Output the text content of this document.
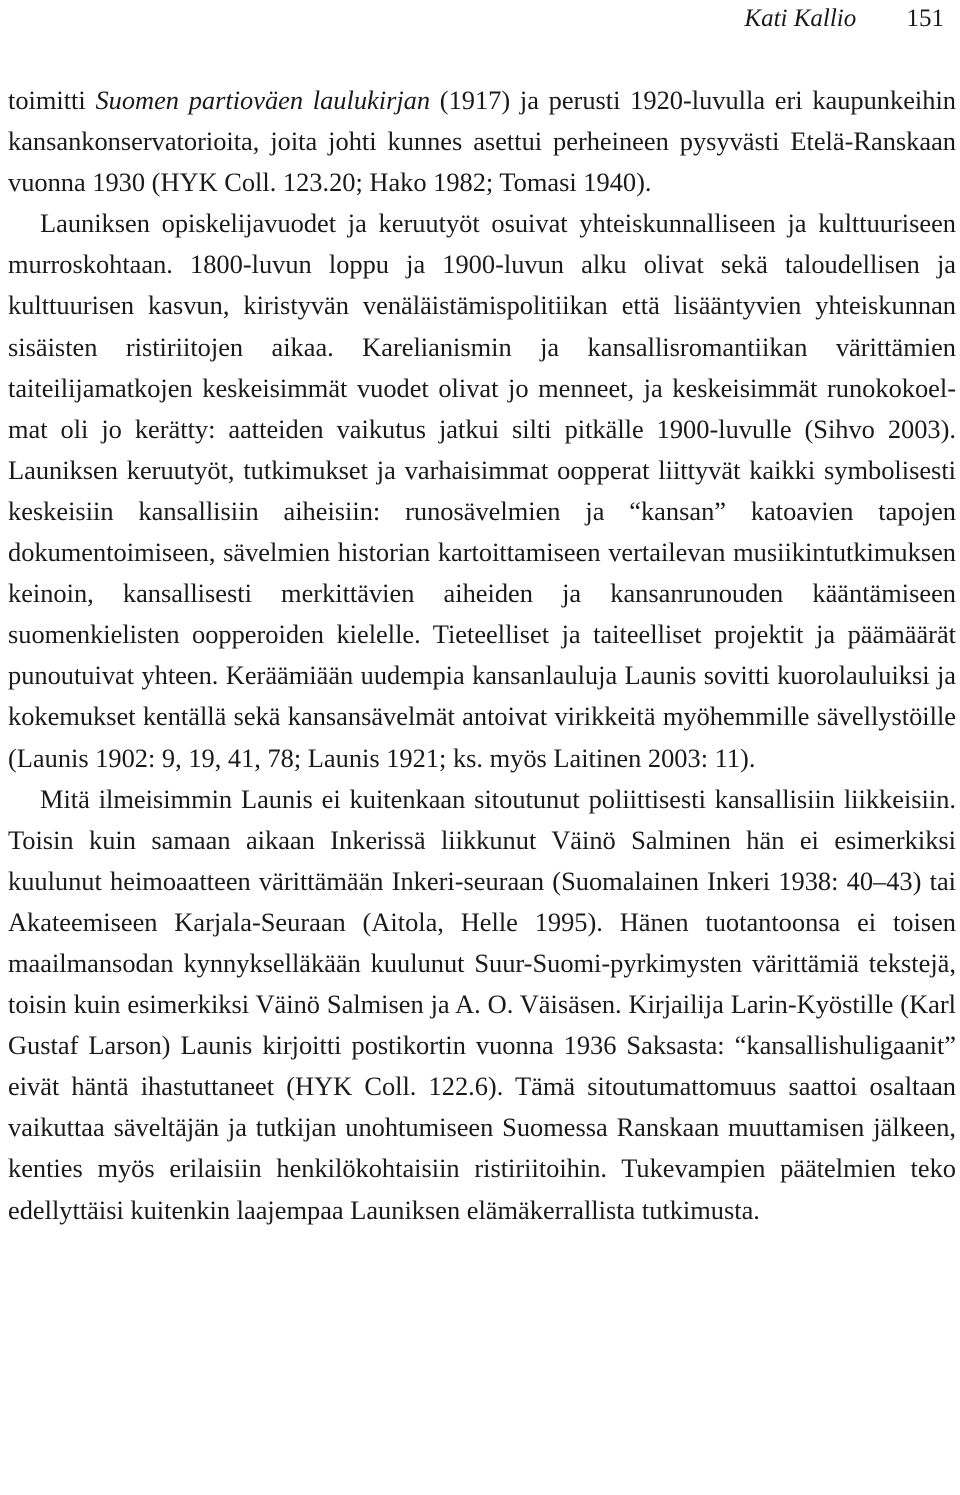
Kati Kallio 151

toimitti Suomen partioväen laulukirjan (1917) ja perusti 1920-luvulla eri kaupunkeihin kansankonservatorioita, joita johti kunnes asettui perheineen pysyvästi Etelä-Ranskaan vuonna 1930 (HYK Coll. 123.20; Hako 1982; Tomasi 1940).

Launiksen opiskelijavuodet ja keruutyöt osuivat yhteiskunnalliseen ja kulttuuriseen murroskohtaan. 1800-luvun loppu ja 1900-luvun alku olivat sekä taloudellisen ja kulttuurisen kasvun, kiristyvän venäläistämispolitiikan että lisääntyvien yhteiskunnan sisäisten ristiriitojen aikaa. Karelianismin ja kansallisromantiikan värittämien taiteilijamatkojen keskeisimmät vuodet olivat jo menneet, ja keskeisimmät runokokoelmat oli jo kerätty: aatteiden vaikutus jatkui silti pitkälle 1900-luvulle (Sihvo 2003). Launiksen keruutyöt, tutkimukset ja varhaisimmat oopperat liittyvät kaikki symbolisesti keskeisiin kansallisiin aiheisiin: runosävelmien ja “kansan” katoavien tapojen dokumentoimiseen, sävelmien historian kartoittamiseen vertailevan musiikintutkimuksen keinoin, kansallisesti merkittävien aiheiden ja kansanrunouden kääntämiseen suomenkielisten oopperoiden kielelle. Tieteelliset ja taiteelliset projektit ja päämäärät punoutuivat yhteen. Keräämiään uudempia kansanlauluja Launis sovitti kuorolauluiksi ja kokemukset kentällä sekä kansansävelmät antoivat virikkeitä myöhemmille sävellystöille (Launis 1902: 9, 19, 41, 78; Launis 1921; ks. myös Laitinen 2003: 11).

Mitä ilmeisimmin Launis ei kuitenkaan sitoutunut poliittisesti kansallisiin liikkeisiin. Toisin kuin samaan aikaan Inkerissä liikkunut Väinö Salminen hän ei esimerkiksi kuulunut heimoaatteen värittämään Inkeri-seuraan (Suomalainen Inkeri 1938: 40–43) tai Akateemiseen Karjala-Seuraan (Aitola, Helle 1995). Hänen tuotantoonsa ei toisen maailmansodan kynnykselläkään kuulunut Suur-Suomi-pyrkimysten värittämiä tekstejä, toisin kuin esimerkiksi Väinö Salmisen ja A. O. Väisäsen. Kirjailija Larin-Kyöstille (Karl Gustaf Larson) Launis kirjoitti postikortin vuonna 1936 Saksasta: “kansallishuligaanit” eivät häntä ihastuttaneet (HYK Coll. 122.6). Tämä sitoutumattomuus saattoi osaltaan vaikuttaa säveltäjän ja tutkijan unohtumiseen Suomessa Ranskaan muuttamisen jälkeen, kenties myös erilaisiin henkilökohtaisiin ristiriitoihin. Tukevampien päätelmien teko edellyttäisi kuitenkin laajempaa Launiksen elämäkerrallista tutkimusta.
